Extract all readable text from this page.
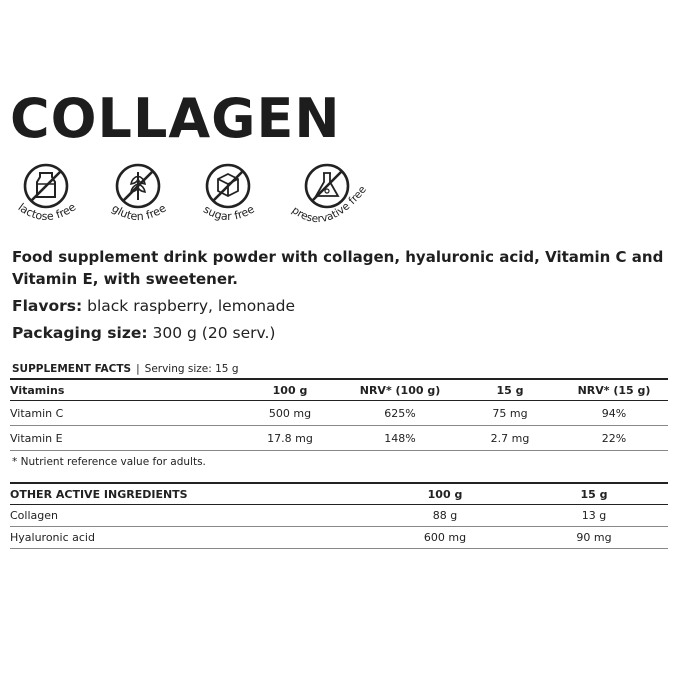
COLLAGEN
lactose free	gluten free	sugar free	preservative free
Food supplement drink powder with collagen, hyaluronic acid, Vitamin C and Vitamin E, with sweetener.
Flavors: black raspberry, lemonade
Packaging size: 300 g (20 serv.)
SUPPLEMENT FACTS | Serving size: 15 g
Vitamins	100 g	NRV* (100 g)	15 g	NRV* (15 g)
Vitamin C	500 mg	625%	75 mg	94%
Vitamin E	17.8 mg	148%	2.7 mg	22%
* Nutrient reference value for adults.
OTHER ACTIVE INGREDIENTS	100 g	15 g
Collagen	88 g	13 g
Hyaluronic acid	600 mg	90 mg
